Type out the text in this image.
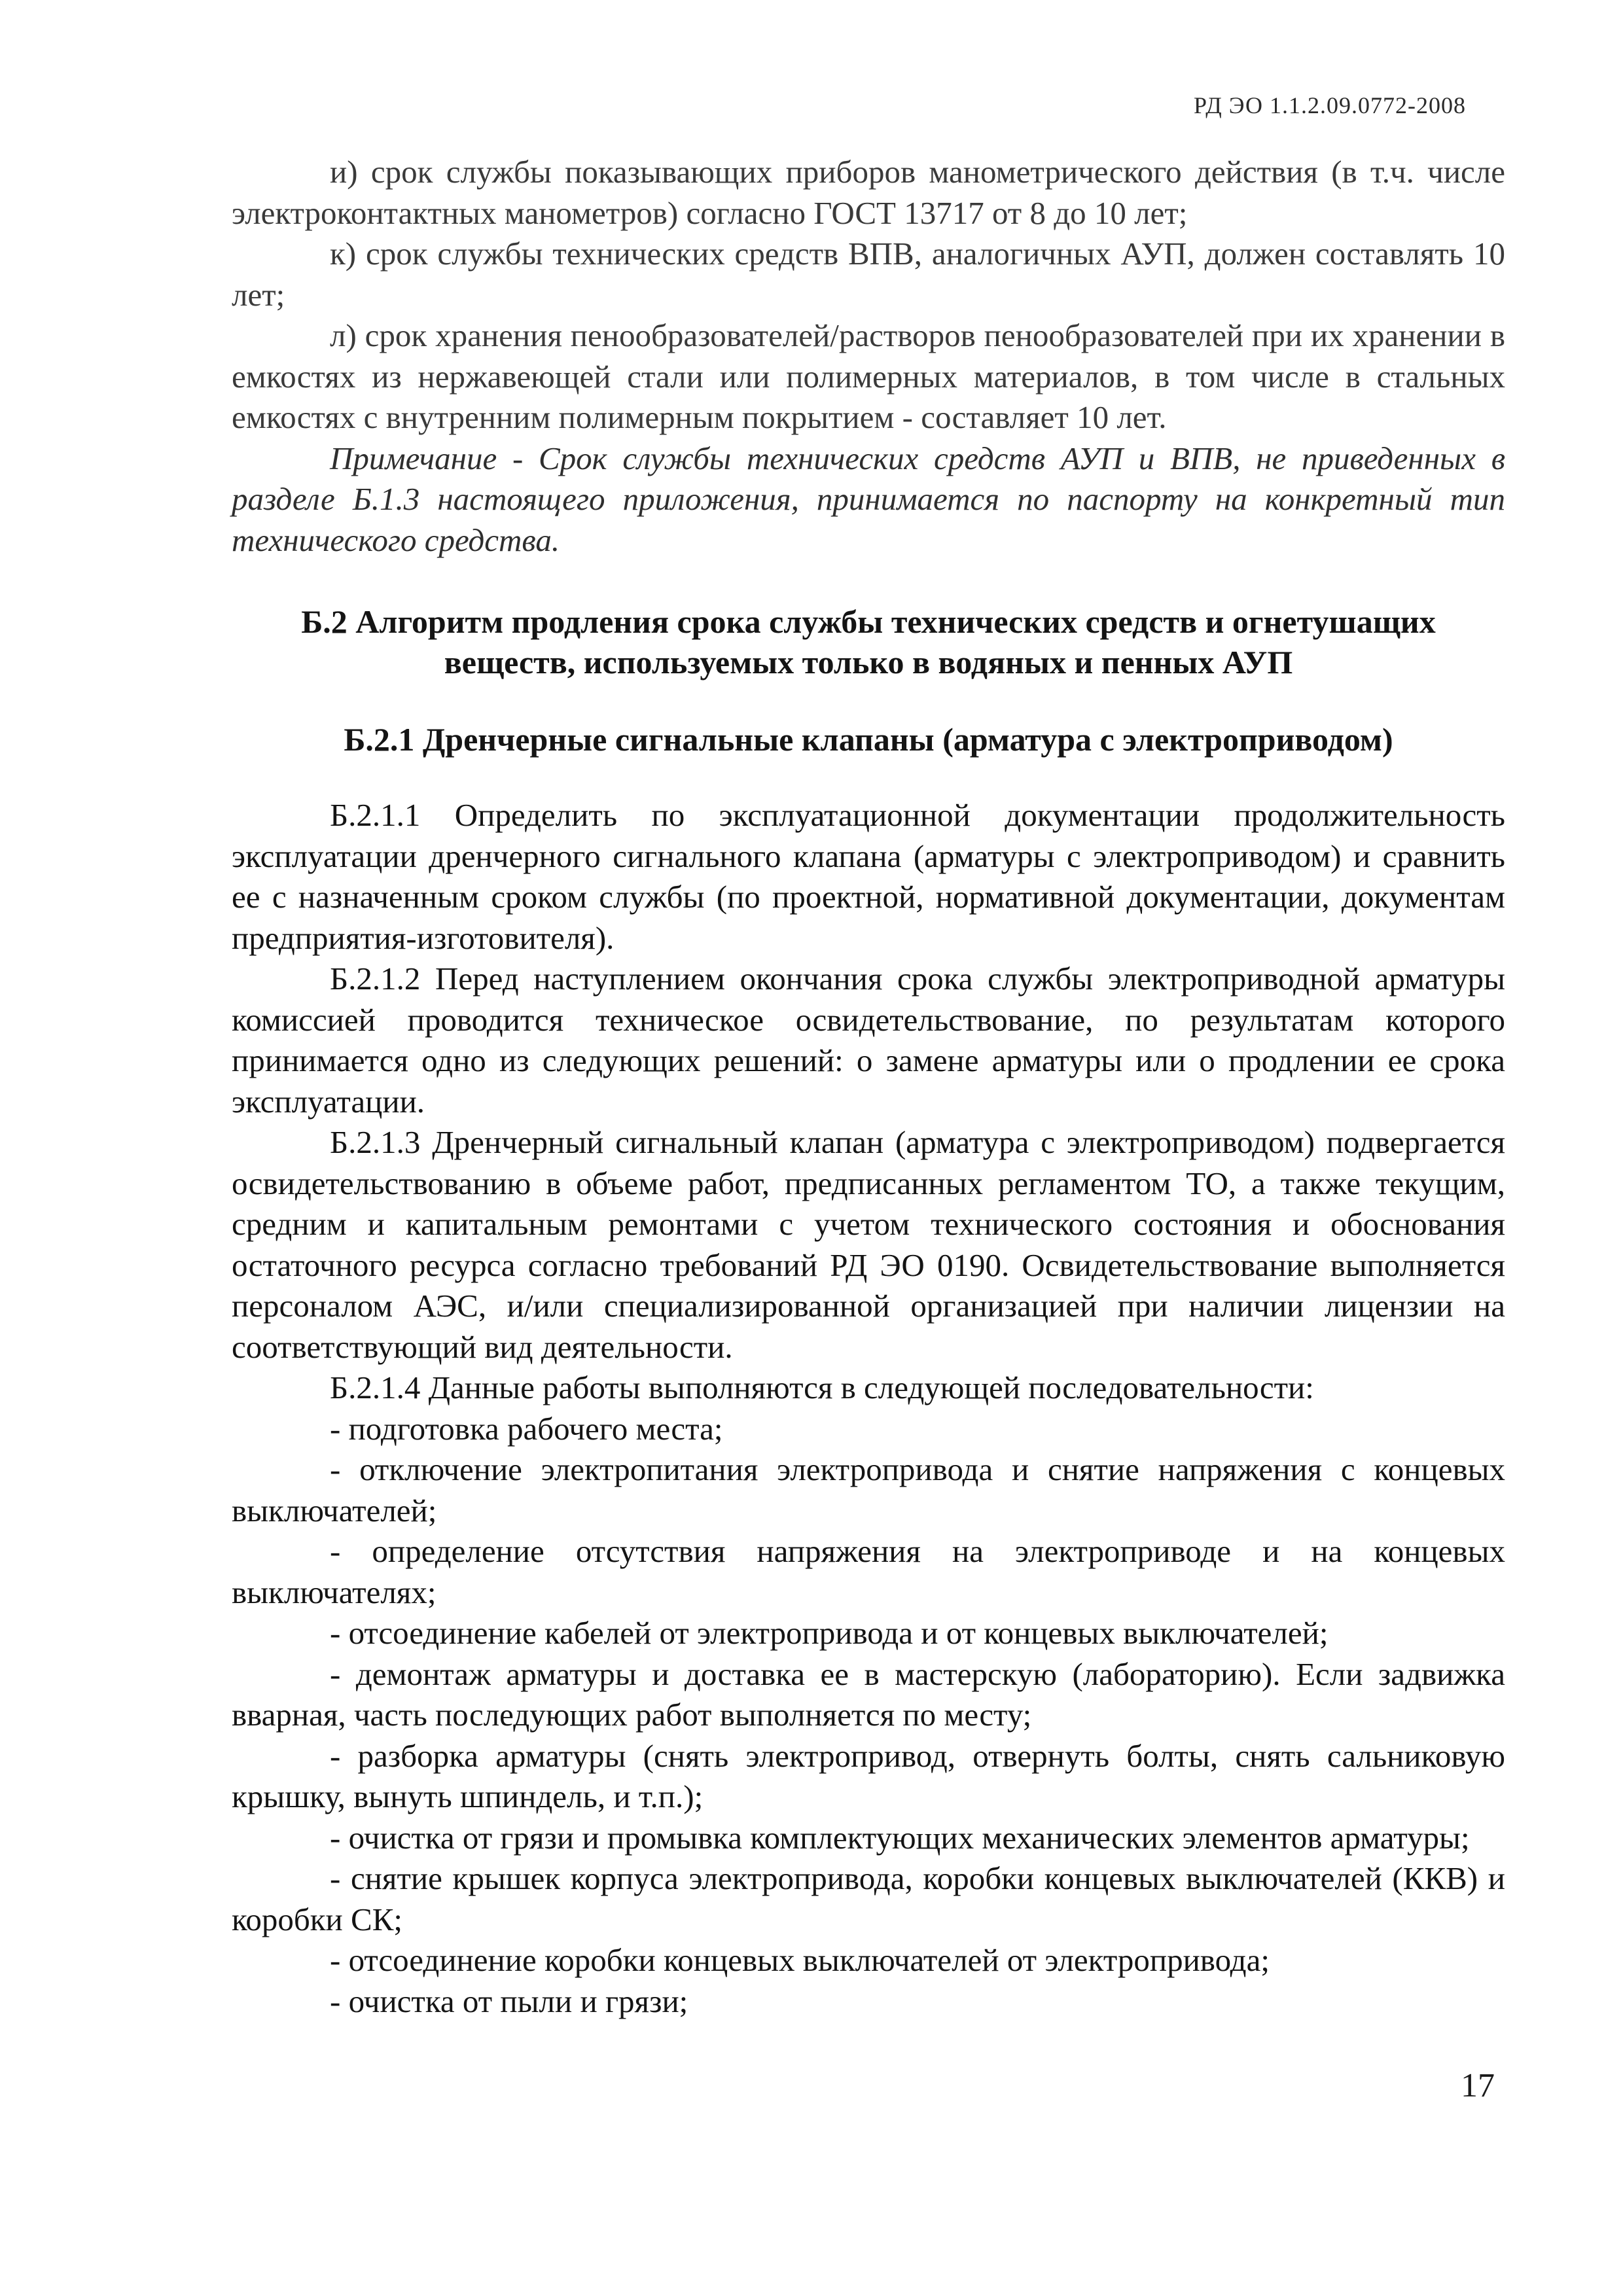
РД ЭО 1.1.2.09.0772-2008

и) срок службы показывающих приборов манометрического действия (в т.ч. числе электроконтактных манометров) согласно ГОСТ 13717 от 8 до 10 лет;

к) срок службы технических средств ВПВ, аналогичных АУП, должен составлять 10 лет;

л) срок хранения пенообразователей/растворов пенообразователей при их хранении в емкостях из нержавеющей стали или полимерных материалов, в том числе в стальных емкостях с внутренним полимерным покрытием - составляет 10 лет.

Примечание - Срок службы технических средств АУП и ВПВ, не приведенных в разделе Б.1.3 настоящего приложения, принимается по паспорту на конкретный тип технического средства.

Б.2 Алгоритм продления срока службы технических средств и огнетушащих веществ, используемых только в водяных и пенных АУП

Б.2.1 Дренчерные сигнальные клапаны (арматура с электроприводом)

Б.2.1.1 Определить по эксплуатационной документации продолжительность эксплуатации дренчерного сигнального клапана (арматуры с электроприводом) и сравнить ее с назначенным сроком службы (по проектной, нормативной документации, документам предприятия-изготовителя).

Б.2.1.2 Перед наступлением окончания срока службы электроприводной арматуры комиссией проводится техническое освидетельствование, по результатам которого принимается одно из следующих решений: о замене арматуры или о продлении ее срока эксплуатации.

Б.2.1.3 Дренчерный сигнальный клапан (арматура с электроприводом) подвергается освидетельствованию в объеме работ, предписанных регламентом ТО, а также текущим, средним и капитальным ремонтами с учетом технического состояния и обоснования остаточного ресурса согласно требований РД ЭО 0190. Освидетельствование выполняется персоналом АЭС, и/или специализированной организацией при наличии лицензии на соответствующий вид деятельности.

Б.2.1.4 Данные работы выполняются в следующей последовательности:

- подготовка рабочего места;

- отключение электропитания электропривода и снятие напряжения с концевых выключателей;

- определение отсутствия напряжения на электроприводе и на концевых выключателях;

- отсоединение кабелей от электропривода и от концевых выключателей;

- демонтаж арматуры и доставка ее в мастерскую (лабораторию). Если задвижка вварная, часть последующих работ выполняется по месту;

- разборка арматуры (снять электропривод, отвернуть болты, снять сальниковую крышку, вынуть шпиндель, и т.п.);

- очистка от грязи и промывка комплектующих механических элементов арматуры;

- снятие крышек корпуса электропривода, коробки концевых выключателей (ККВ) и коробки СК;

- отсоединение коробки концевых выключателей от электропривода;

- очистка от пыли и грязи;

17
